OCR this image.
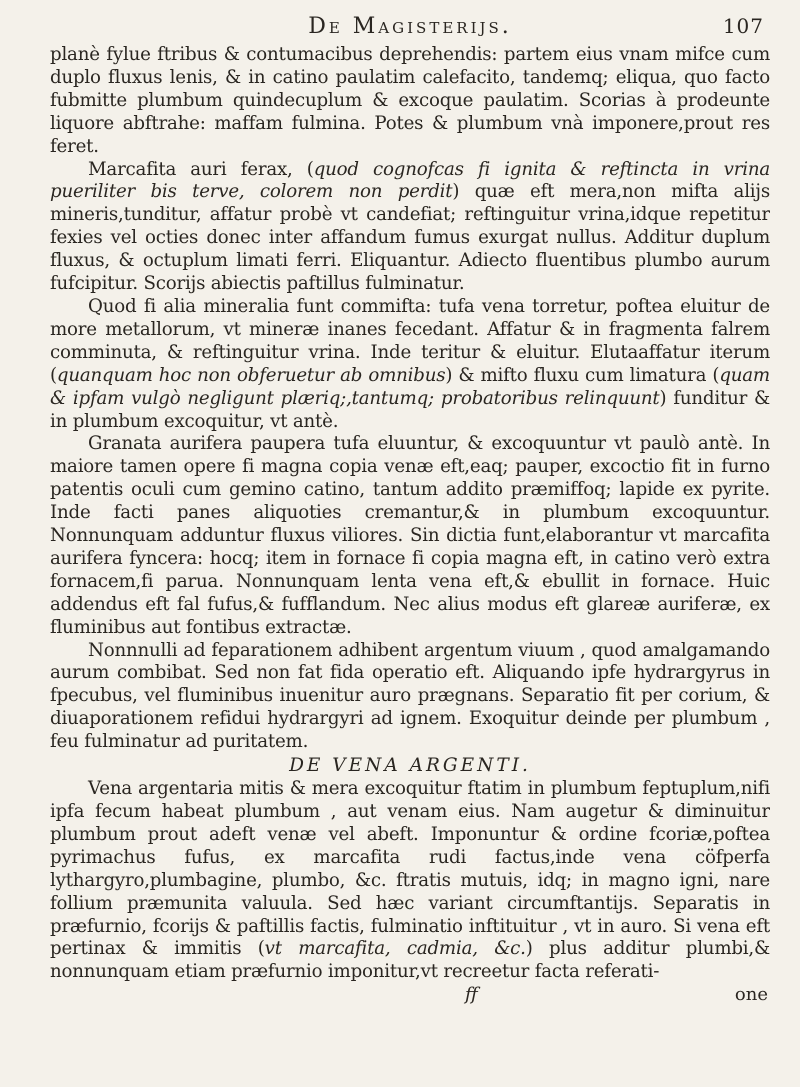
De Magisterijs.	107

planè fylue ftribus & contumacibus deprehendis: partem eius vnam mifce cum duplo fluxus lenis, & in catino paulatim calefacito, tandemq; eliqua, quo facto fubmitte plumbum quindecuplum & excoque paulatim. Scorias à prodeunte liquore abftrahe: maffam fulmina. Potes & plumbum vnà imponere,prout res feret.

Marcafita auri ferax, (quod cognofcas fi ignita & reftincta in vrina pueriliter bis terve, colorem non perdit) quæ eft mera,non mifta alijs mineris,tunditur, affatur probè vt candefiat; reftinguitur vrina,idque repetitur fexies vel octies donec inter affandum fumus exurgat nullus. Additur duplum fluxus, & octuplum limati ferri. Eliquantur. Adiecto fluentibus plumbo aurum fufcipitur. Scorijs abiectis paftillus fulminatur.

Quod fi alia mineralia funt commifta: tufa vena torretur, poftea eluitur de more metallorum, vt mineræ inanes fecedant. Affatur & in fragmenta falrem comminuta, & reftinguitur vrina. Inde teritur & eluitur. Elutaaffatur iterum (quanquam hoc non obferuetur ab omnibus) & mifto fluxu cum limatura (quam & ipfam vulgò negligunt plæriq;,tantumq; probatoribus relinquunt) funditur & in plumbum excoquitur, vt antè.

Granata aurifera paupera tufa eluuntur, & excoquuntur vt paulò antè. In maiore tamen opere fi magna copia venæ eft,eaq; pauper, excoctio fit in furno patentis oculi cum gemino catino, tantum addito præmiffoq; lapide ex pyrite. Inde facti panes aliquoties cremantur,& in plumbum excoquuntur. Nonnunquam adduntur fluxus viliores. Sin dictia funt,elaborantur vt marcafita aurifera fyncera: hocq; item in fornace fi copia magna eft, in catino verò extra fornacem,fi parua. Nonnunquam lenta vena eft,& ebullit in fornace. Huic addendus eft fal fufus,& fufflandum. Nec alius modus eft glareæ auriferæ, ex fluminibus aut fontibus extractæ.

Nonnnulli ad feparationem adhibent argentum viuum , quod amalgamando aurum combibat. Sed non fat fida operatio eft. Aliquando ipfe hydrargyrus in fpecubus, vel fluminibus inuenitur auro prægnans. Separatio fit per corium, & diuaporationem refidui hydrargyri ad ignem. Exoquitur deinde per plumbum , feu fulminatur ad puritatem.

DE VENA ARGENTI.

Vena argentaria mitis & mera excoquitur ftatim in plumbum feptuplum,nifi ipfa fecum habeat plumbum , aut venam eius. Nam augetur & diminuitur plumbum prout adeft venæ vel abeft. Imponuntur & ordine fcoriæ,poftea pyrimachus fufus, ex marcafita rudi factus,inde vena cöfperfa lythargyro,plumbagine, plumbo, &c. ftratis mutuis, idq; in magno igni, nare follium præmunita valuula. Sed hæc variant circumftantijs. Separatis in præfurnio, fcorijs & paftillis factis, fulminatio inftituitur , vt in auro. Si vena eft pertinax & immitis (vt marcafita, cadmia, &c.) plus additur plumbi,& nonnunquam etiam præfurnio imponitur,vt recreetur facta referati-

ff	one
